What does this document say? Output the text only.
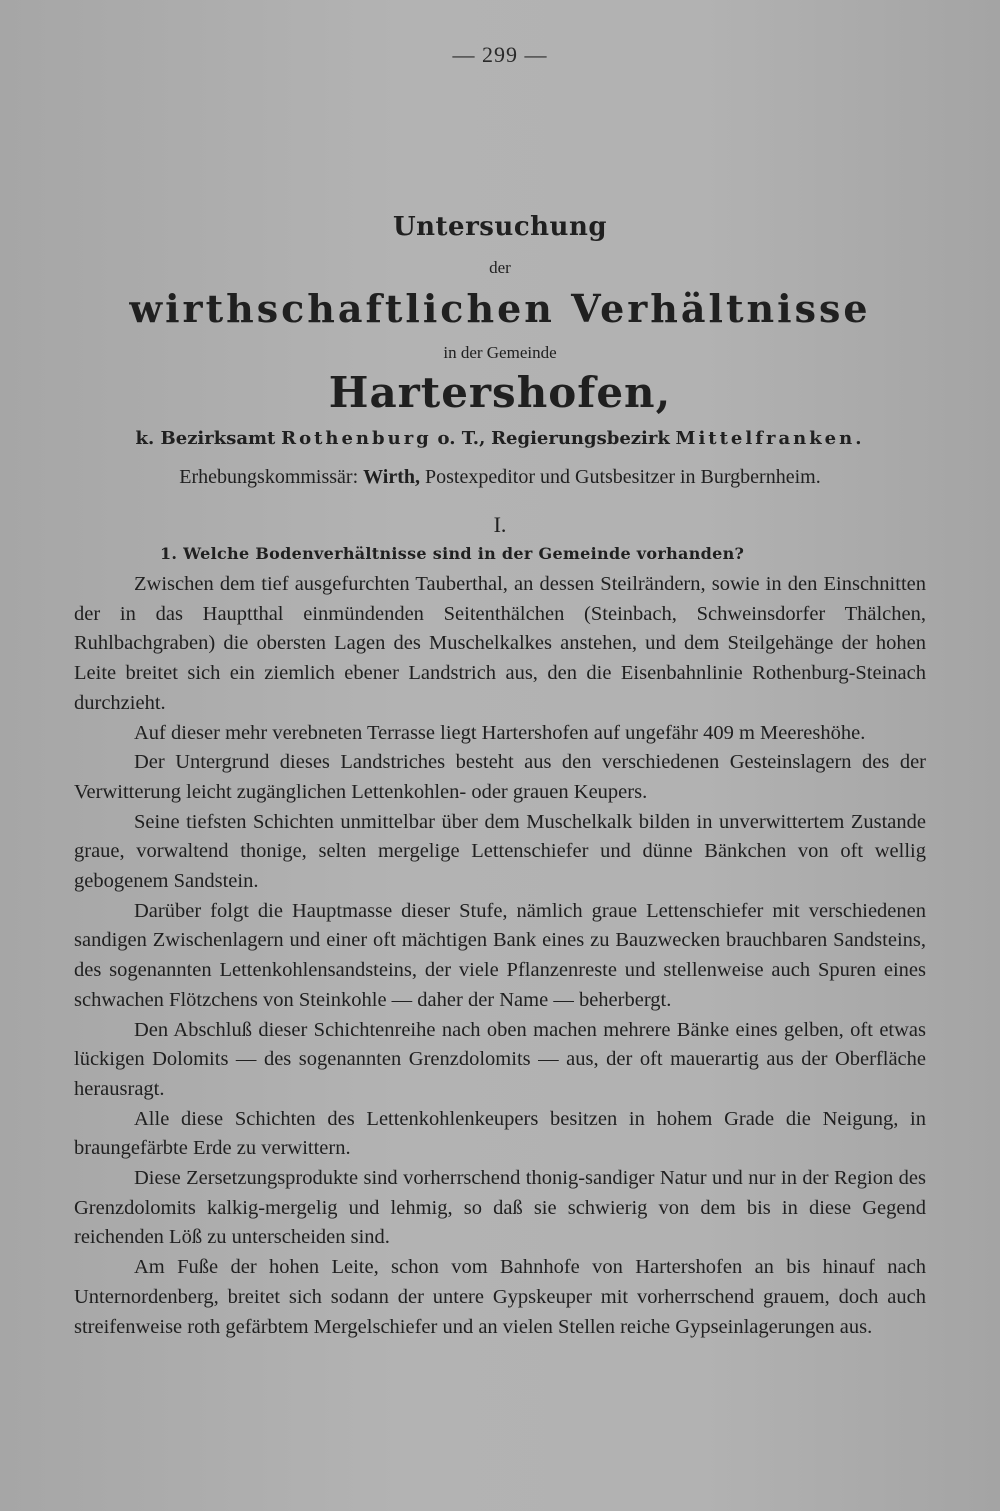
— 299 —
Untersuchung
der
wirthschaftlichen Verhältnisse
in der Gemeinde
Hartershofen,
k. Bezirksamt Rothenburg o. T., Regierungsbezirk Mittelfranken.
Erhebungskommissär: Wirth, Postexpeditor und Gutsbesitzer in Burgbernheim.
I.
1. Welche Bodenverhältnisse sind in der Gemeinde vorhanden?

Zwischen dem tief ausgefurchten Tauberthal, an dessen Steilrändern, sowie in den Einschnitten der in das Hauptthal einmündenden Seitenthälchen (Steinbach, Schweinsdorfer Thälchen, Ruhlbachgraben) die obersten Lagen des Muschelkalkes anstehen, und dem Steilgehänge der hohen Leite breitet sich ein ziemlich ebener Landstrich aus, den die Eisenbahnlinie Rothenburg-Steinach durchzieht.

Auf dieser mehr verebneten Terrasse liegt Hartershofen auf ungefähr 409 m Meereshöhe.

Der Untergrund dieses Landstriches besteht aus den verschiedenen Gesteinslagern des der Verwitterung leicht zugänglichen Lettenkohlen- oder grauen Keupers.

Seine tiefsten Schichten unmittelbar über dem Muschelkalk bilden in unverwittertem Zustande graue, vorwaltend thonige, selten mergelige Lettenschiefer und dünne Bänkchen von oft wellig gebogenem Sandstein.

Darüber folgt die Hauptmasse dieser Stufe, nämlich graue Lettenschiefer mit verschiedenen sandigen Zwischenlagern und einer oft mächtigen Bank eines zu Bauzwecken brauchbaren Sandsteins, des sogenannten Lettenkohlensandsteins, der viele Pflanzenreste und stellenweise auch Spuren eines schwachen Flötzchens von Steinkohle — daher der Name — beherbergt.

Den Abschluß dieser Schichtenreihe nach oben machen mehrere Bänke eines gelben, oft etwas lückigen Dolomits — des sogenannten Grenzdolomits — aus, der oft mauerartig aus der Oberfläche herausragt.

Alle diese Schichten des Lettenkohlenkeupers besitzen in hohem Grade die Neigung, in braungefärbte Erde zu verwittern.

Diese Zersetzungsprodukte sind vorherrschend thonig-sandiger Natur und nur in der Region des Grenzdolomits kalkig-mergelig und lehmig, so daß sie schwierig von dem bis in diese Gegend reichenden Löß zu unterscheiden sind.

Am Fuße der hohen Leite, schon vom Bahnhofe von Hartershofen an bis hinauf nach Unternordenberg, breitet sich sodann der untere Gypskeuper mit vorherrschend grauem, doch auch streifenweise roth gefärbtem Mergelschiefer und an vielen Stellen reiche Gypseinlagerungen aus.
